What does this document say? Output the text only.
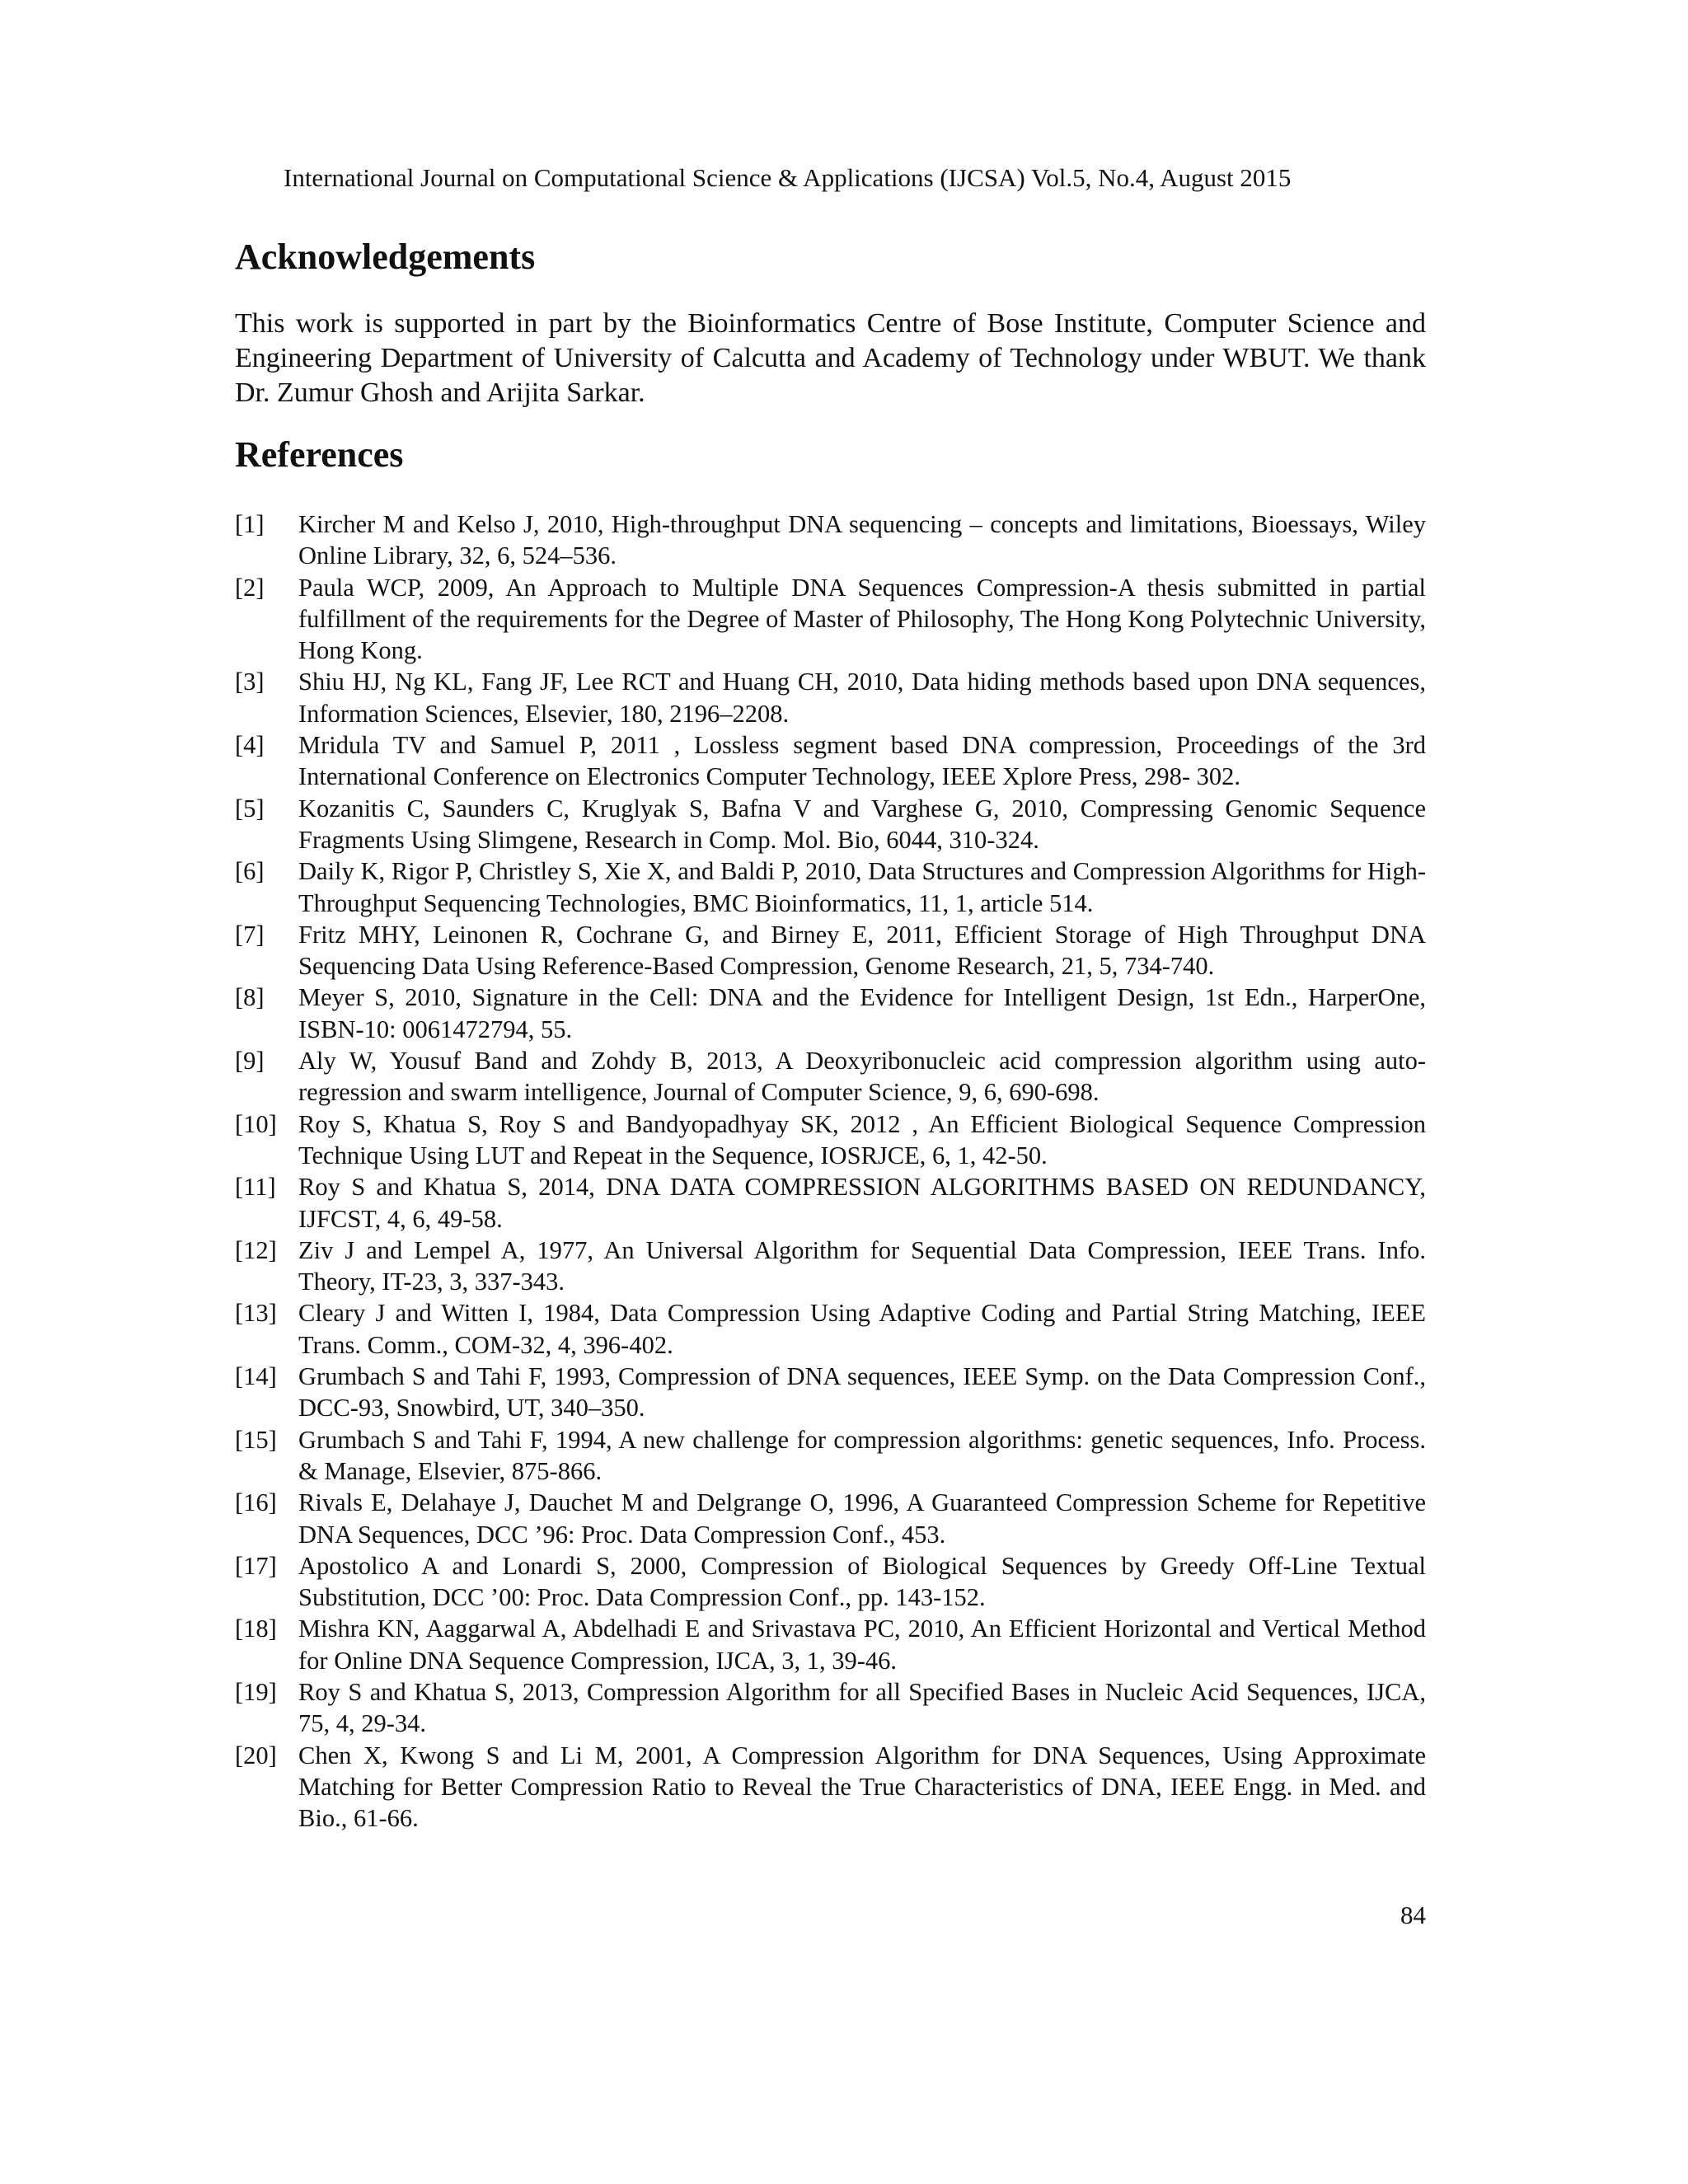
International Journal on Computational Science & Applications (IJCSA) Vol.5, No.4, August 2015
Acknowledgements

This work is supported in part by the Bioinformatics Centre of Bose Institute, Computer Science and Engineering Department of University of Calcutta and Academy of Technology under WBUT. We thank Dr. Zumur Ghosh and Arijita Sarkar.

References
[1] Kircher M and Kelso J, 2010, High-throughput DNA sequencing – concepts and limitations, Bioessays, Wiley Online Library, 32, 6, 524–536.
[2] Paula WCP, 2009, An Approach to Multiple DNA Sequences Compression-A thesis submitted in partial fulfillment of the requirements for the Degree of Master of Philosophy, The Hong Kong Polytechnic University, Hong Kong.
[3] Shiu HJ, Ng KL, Fang JF, Lee RCT and Huang CH, 2010, Data hiding methods based upon DNA sequences, Information Sciences, Elsevier, 180, 2196–2208.
[4] Mridula TV and Samuel P, 2011 , Lossless segment based DNA compression, Proceedings of the 3rd International Conference on Electronics Computer Technology, IEEE Xplore Press, 298- 302.
[5] Kozanitis C, Saunders C, Kruglyak S, Bafna V and Varghese G, 2010, Compressing Genomic Sequence Fragments Using Slimgene, Research in Comp. Mol. Bio, 6044, 310-324.
[6] Daily K, Rigor P, Christley S, Xie X, and Baldi P, 2010, Data Structures and Compression Algorithms for High-Throughput Sequencing Technologies, BMC Bioinformatics, 11, 1, article 514.
[7] Fritz MHY, Leinonen R, Cochrane G, and Birney E, 2011, Efficient Storage of High Throughput DNA Sequencing Data Using Reference-Based Compression, Genome Research, 21, 5, 734-740.
[8] Meyer S, 2010, Signature in the Cell: DNA and the Evidence for Intelligent Design, 1st Edn., HarperOne, ISBN-10: 0061472794, 55.
[9] Aly W, Yousuf Band and Zohdy B, 2013, A Deoxyribonucleic acid compression algorithm using auto-regression and swarm intelligence, Journal of Computer Science, 9, 6, 690-698.
[10] Roy S, Khatua S, Roy S and Bandyopadhyay SK, 2012 , An Efficient Biological Sequence Compression Technique Using LUT and Repeat in the Sequence, IOSRJCE, 6, 1, 42-50.
[11] Roy S and Khatua S, 2014, DNA DATA COMPRESSION ALGORITHMS BASED ON REDUNDANCY, IJFCST, 4, 6, 49-58.
[12] Ziv J and Lempel A, 1977, An Universal Algorithm for Sequential Data Compression, IEEE Trans. Info. Theory, IT-23, 3, 337-343.
[13] Cleary J and Witten I, 1984, Data Compression Using Adaptive Coding and Partial String Matching, IEEE Trans. Comm., COM-32, 4, 396-402.
[14] Grumbach S and Tahi F, 1993, Compression of DNA sequences, IEEE Symp. on the Data Compression Conf., DCC-93, Snowbird, UT, 340–350.
[15] Grumbach S and Tahi F, 1994, A new challenge for compression algorithms: genetic sequences, Info. Process. & Manage, Elsevier, 875-866.
[16] Rivals E, Delahaye J, Dauchet M and Delgrange O, 1996, A Guaranteed Compression Scheme for Repetitive DNA Sequences, DCC ’96: Proc. Data Compression Conf., 453.
[17] Apostolico A and Lonardi S, 2000, Compression of Biological Sequences by Greedy Off-Line Textual Substitution, DCC ’00: Proc. Data Compression Conf., pp. 143-152.
[18] Mishra KN, Aaggarwal A, Abdelhadi E and Srivastava PC, 2010, An Efficient Horizontal and Vertical Method for Online DNA Sequence Compression, IJCA, 3, 1, 39-46.
[19] Roy S and Khatua S, 2013, Compression Algorithm for all Specified Bases in Nucleic Acid Sequences, IJCA, 75, 4, 29-34.
[20] Chen X, Kwong S and Li M, 2001, A Compression Algorithm for DNA Sequences, Using Approximate Matching for Better Compression Ratio to Reveal the True Characteristics of DNA, IEEE Engg. in Med. and Bio., 61-66.
84
